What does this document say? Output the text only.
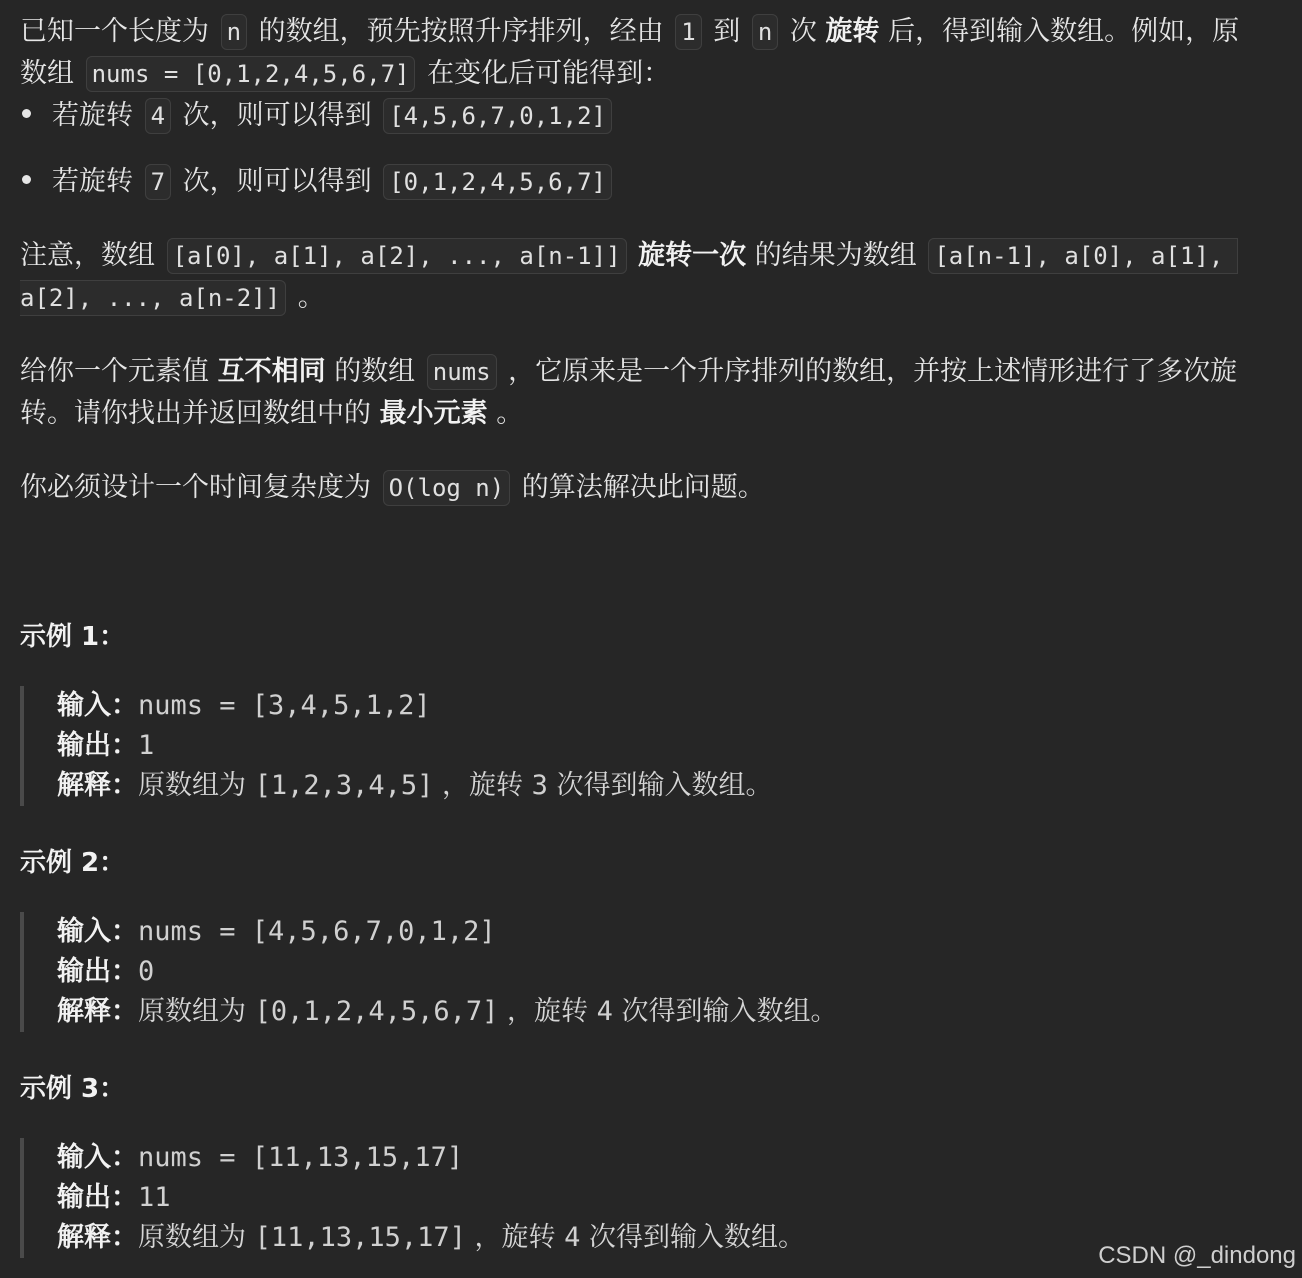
已知一个长度为 n 的数组，预先按照升序排列，经由 1 到 n 次 旋转 后，得到输入数组。例如，原
数组 nums = [0,1,2,4,5,6,7] 在变化后可能得到：
若旋转 4 次，则可以得到 [4,5,6,7,0,1,2]
若旋转 7 次，则可以得到 [0,1,2,4,5,6,7]
注意，数组 [a[0], a[1], a[2], ..., a[n-1]] 旋转一次 的结果为数组 [a[n-1], a[0], a[1],
a[2], ..., a[n-2]] 。
给你一个元素值 互不相同 的数组 nums ，它原来是一个升序排列的数组，并按上述情形进行了多次旋
转。请你找出并返回数组中的 最小元素 。
你必须设计一个时间复杂度为 O(log n) 的算法解决此问题。
示例 1：
输入：nums = [3,4,5,1,2]
输出：1
解释：原数组为 [1,2,3,4,5] ，旋转 3 次得到输入数组。
示例 2：
输入：nums = [4,5,6,7,0,1,2]
输出：0
解释：原数组为 [0,1,2,4,5,6,7] ，旋转 4 次得到输入数组。
示例 3：
输入：nums = [11,13,15,17]
输出：11
解释：原数组为 [11,13,15,17] ，旋转 4 次得到输入数组。
CSDN @_dindong
